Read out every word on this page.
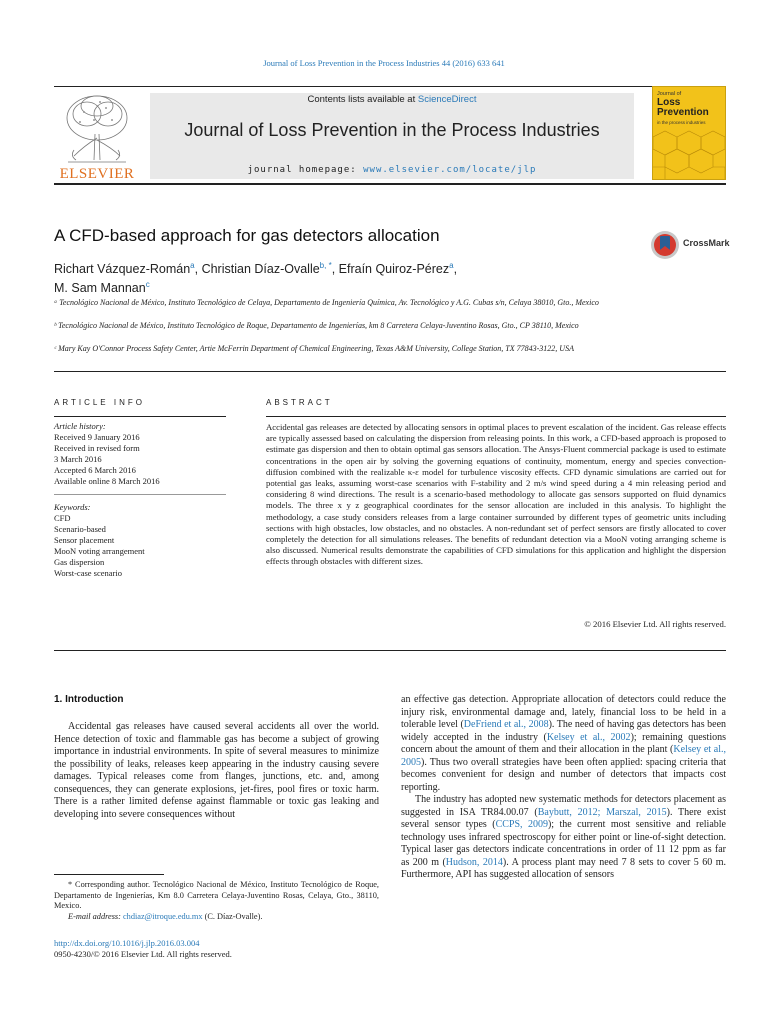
Journal of Loss Prevention in the Process Industries 44 (2016) 633 641
ELSEVIER
Contents lists available at ScienceDirect
Journal of Loss Prevention in the Process Industries
journal homepage: www.elsevier.com/locate/jlp
Journal of
Loss Prevention
in the process industries
A CFD-based approach for gas detectors allocation	CrossMark
Richart Vázquez-Román$^a$, Christian Díaz-Ovalle$^{b, *}$, Efraín Quiroz-Pérez$^a$,
M. Sam Mannan$^c$
ᵃ Tecnológico Nacional de México, Instituto Tecnológico de Celaya, Departamento de Ingeniería Química, Av. Tecnológico y A.G. Cubas s/n, Celaya 38010, Gto., Mexico
ᵇ Tecnológico Nacional de México, Instituto Tecnológico de Roque, Departamento de Ingenierías, km 8 Carretera Celaya-Juventino Rosas, Gto., CP 38110, Mexico
ᶜ Mary Kay O'Connor Process Safety Center, Artie McFerrin Department of Chemical Engineering, Texas A&M University, College Station, TX 77843-3122, USA
ARTICLE INFO
Article history:
Received 9 January 2016
Received in revised form
3 March 2016
Accepted 6 March 2016
Available online 8 March 2016
Keywords:
CFD
Scenario-based
Sensor placement
MooN voting arrangement
Gas dispersion
Worst-case scenario
ABSTRACT
Accidental gas releases are detected by allocating sensors in optimal places to prevent escalation of the incident. Gas release effects are typically assessed based on calculating the dispersion from releasing points. In this work, a CFD-based approach is proposed to estimate gas dispersion and then to obtain optimal gas sensors allocation. The Ansys-Fluent commercial package is used to estimate concentrations in the open air by solving the governing equations of continuity, momentum, energy and species convection-diffusion combined with the realizable κ-ε model for turbulence viscosity effects. CFD dynamic simulations are carried out for potential gas leaks, assuming worst-case scenarios with F-stability and 2 m/s wind speed during a 4 min releasing period and considering 8 wind directions. The result is a scenario-based methodology to allocate gas sensors supported on fluid dynamics models. The three x y z geographical coordinates for the sensor allocation are included in this analysis. To highlight the methodology, a case study considers releases from a large container surrounded by different types of geometric units including sections with high obstacles, low obstacles, and no obstacles. A non-redundant set of perfect sensors are firstly allocated to cover completely the detection for all simulations releases. The benefits of redundant detection via a MooN voting arranging scheme is also discussed. Numerical results demonstrate the capabilities of CFD simulations for this application and highlight the dispersion effects through obstacles with different sizes.
© 2016 Elsevier Ltd. All rights reserved.
1. Introduction

Accidental gas releases have caused several accidents all over the world. Hence detection of toxic and flammable gas has become a subject of growing importance in industrial environments. In spite of several measures to minimize the possibility of leaks, releases keep appearing in the industry causing severe damages. Typical releases come from flanges, junctions, etc. and, among consequences, they can generate explosions, jet-fires, pool fires or toxic harm. There is a rather limited defense against flammable or toxic gas leaking and developing into severe consequences without

an effective gas detection. Appropriate allocation of detectors could reduce the injury risk, environmental damage and, lately, financial loss to be held in a tolerable level (DeFriend et al., 2008). The need of having gas detectors has been widely accepted in the industry (Kelsey et al., 2002); remaining questions concern about the amount of them and their allocation in the plant (Kelsey et al., 2005). Thus two overall strategies have been often applied: spacing criteria that becomes convenient for design and number of detectors that impacts cost reporting.

The industry has adopted new systematic methods for detectors placement as suggested in ISA TR84.00.07 (Baybutt, 2012; Marszal, 2015). There exist several sensor types (CCPS, 2009); the current most sensitive and reliable technology uses infrared spectroscopy for either point or line-of-sight detection. Typical laser gas detectors indicate concentrations in order of 11 12 ppm as far as 200 m (Hudson, 2014). A process plant may need 7 8 sets to cover 5 60 m. Furthermore, API has suggested allocation of sensors

* Corresponding author. Tecnológico Nacional de México, Instituto Tecnológico de Roque, Departamento de Ingenierías, Km 8.0 Carretera Celaya-Juventino Rosas, Celaya, Gto., 38110, Mexico.
E-mail address: chdiaz@itroque.edu.mx (C. Díaz-Ovalle).
http://dx.doi.org/10.1016/j.jlp.2016.03.004
0950-4230/© 2016 Elsevier Ltd. All rights reserved.
